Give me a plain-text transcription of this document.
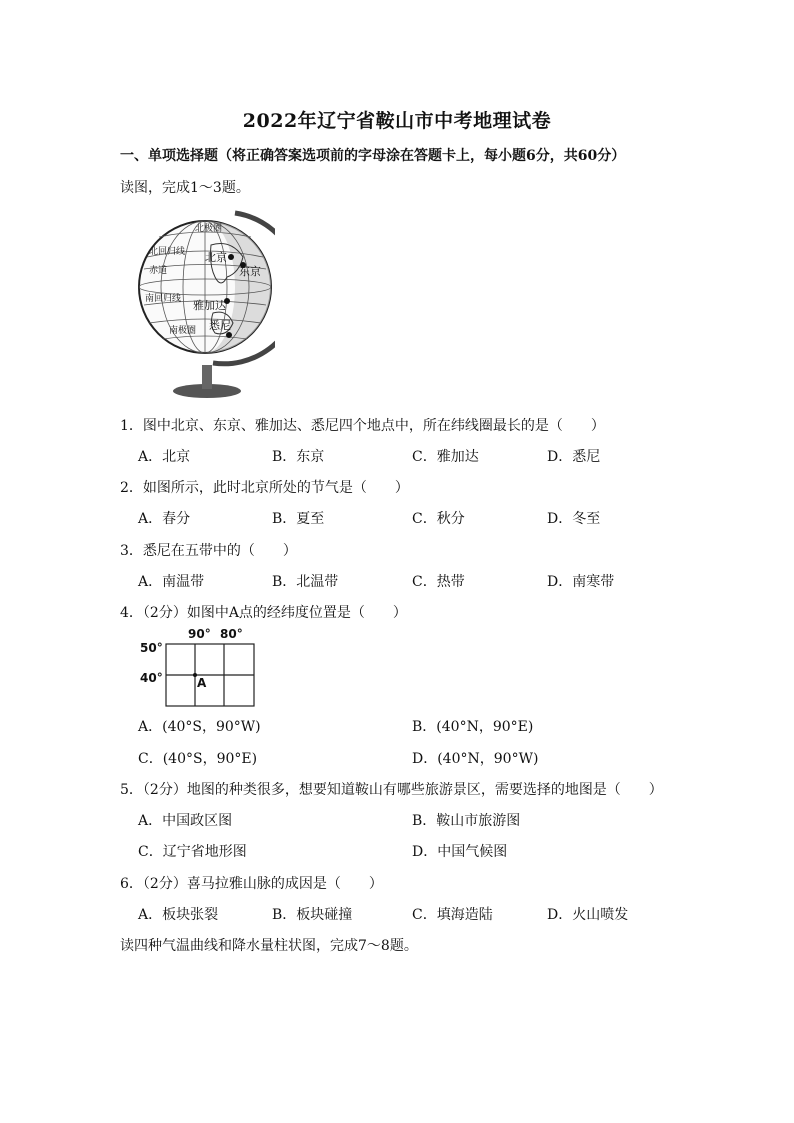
2022年辽宁省鞍山市中考地理试卷
一、单项选择题（将正确答案选项前的字母涂在答题卡上，每小题6分，共60分）
读图，完成1～3题。
北极圈
北回归线
赤道
南回归线
南极圈
北京
东京
雅加达
悉尼
1．图中北京、东京、雅加达、悉尼四个地点中，所在纬线圈最长的是（　　）
A．北京	B．东京	C．雅加达	D．悉尼
2．如图所示，此时北京所处的节气是（　　）
A．春分	B．夏至	C．秋分	D．冬至
3．悉尼在五带中的（　　）
A．南温带	B．北温带	C．热带	D．南寒带
4．（2分）如图中A点的经纬度位置是（　　）
90° 80°
50°
40°	A
A．(40°S，90°W)	B．(40°N，90°E)
C．(40°S，90°E)	D．(40°N，90°W)
5．（2分）地图的种类很多，想要知道鞍山有哪些旅游景区，需要选择的地图是（　　）
A．中国政区图	B．鞍山市旅游图
C．辽宁省地形图	D．中国气候图
6．（2分）喜马拉雅山脉的成因是（　　）
A．板块张裂	B．板块碰撞	C．填海造陆	D．火山喷发
读四种气温曲线和降水量柱状图，完成7～8题。
